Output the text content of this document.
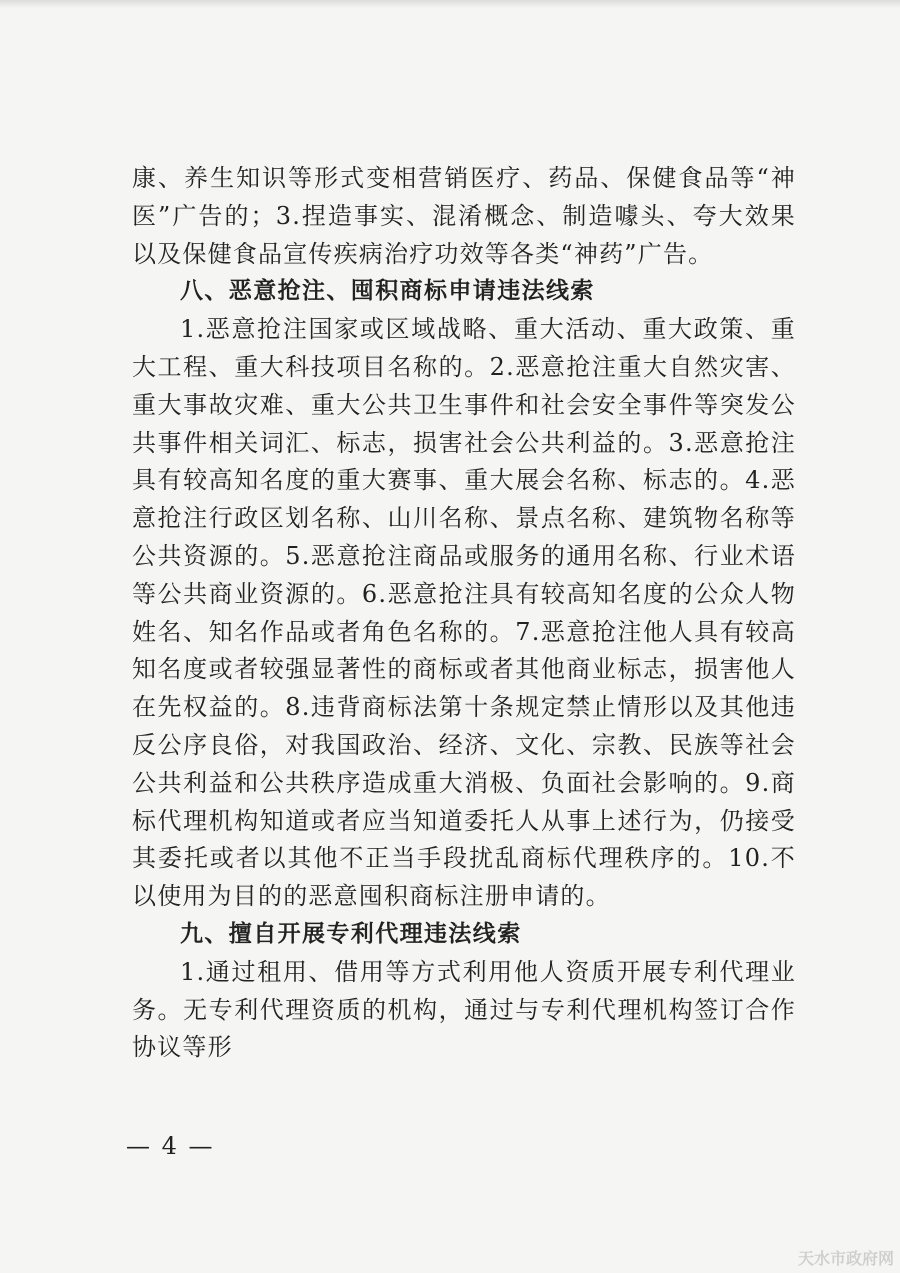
康、养生知识等形式变相营销医疗、药品、保健食品等“神医”广告的；3.捏造事实、混淆概念、制造噱头、夸大效果以及保健食品宣传疾病治疗功效等各类“神药”广告。

八、恶意抢注、囤积商标申请违法线索

1.恶意抢注国家或区域战略、重大活动、重大政策、重大工程、重大科技项目名称的。2.恶意抢注重大自然灾害、重大事故灾难、重大公共卫生事件和社会安全事件等突发公共事件相关词汇、标志，损害社会公共利益的。3.恶意抢注具有较高知名度的重大赛事、重大展会名称、标志的。4.恶意抢注行政区划名称、山川名称、景点名称、建筑物名称等公共资源的。5.恶意抢注商品或服务的通用名称、行业术语等公共商业资源的。6.恶意抢注具有较高知名度的公众人物姓名、知名作品或者角色名称的。7.恶意抢注他人具有较高知名度或者较强显著性的商标或者其他商业标志，损害他人在先权益的。8.违背商标法第十条规定禁止情形以及其他违反公序良俗，对我国政治、经济、文化、宗教、民族等社会公共利益和公共秩序造成重大消极、负面社会影响的。9.商标代理机构知道或者应当知道委托人从事上述行为，仍接受其委托或者以其他不正当手段扰乱商标代理秩序的。10.不以使用为目的的恶意囤积商标注册申请的。

九、擅自开展专利代理违法线索

1.通过租用、借用等方式利用他人资质开展专利代理业务。无专利代理资质的机构，通过与专利代理机构签订合作协议等形

— 4 —
天水市政府网
